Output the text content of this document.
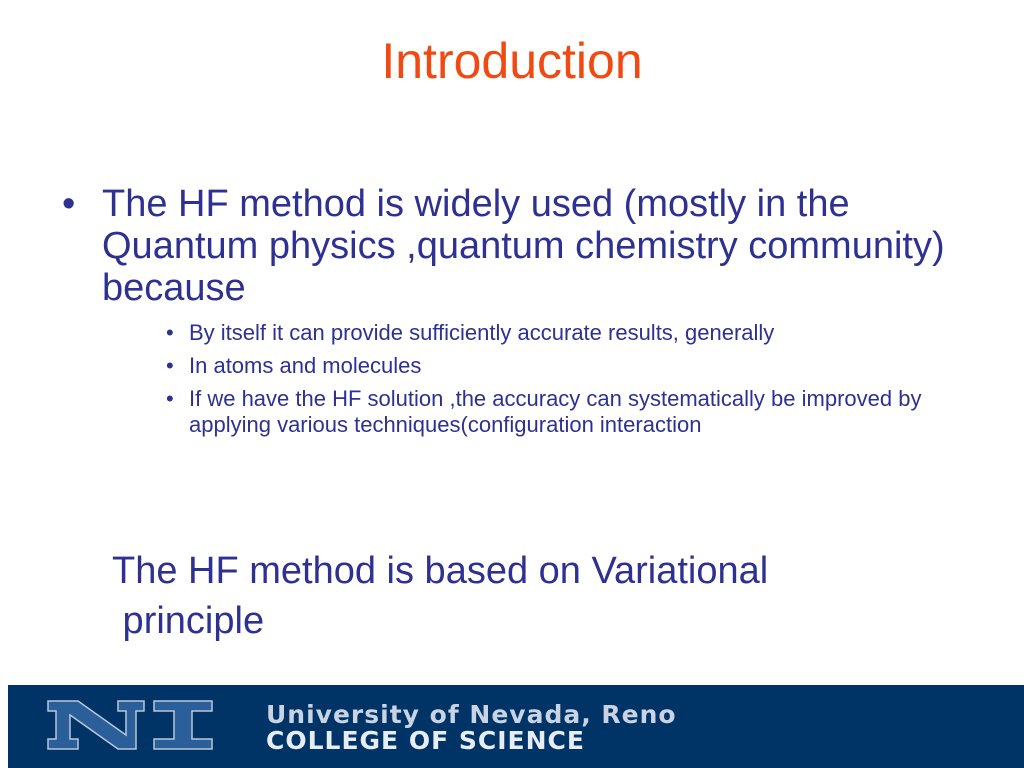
Introduction
• The HF method is widely used (mostly in the Quantum physics ,quantum chemistry community) because
• By itself it can provide sufficiently accurate results, generally
• In atoms and molecules
• If we have the HF solution ,the accuracy can systematically be improved by applying various techniques(configuration interaction
The HF method is based on Variational
principle
University of Nevada, Reno
COLLEGE OF SCIENCE
